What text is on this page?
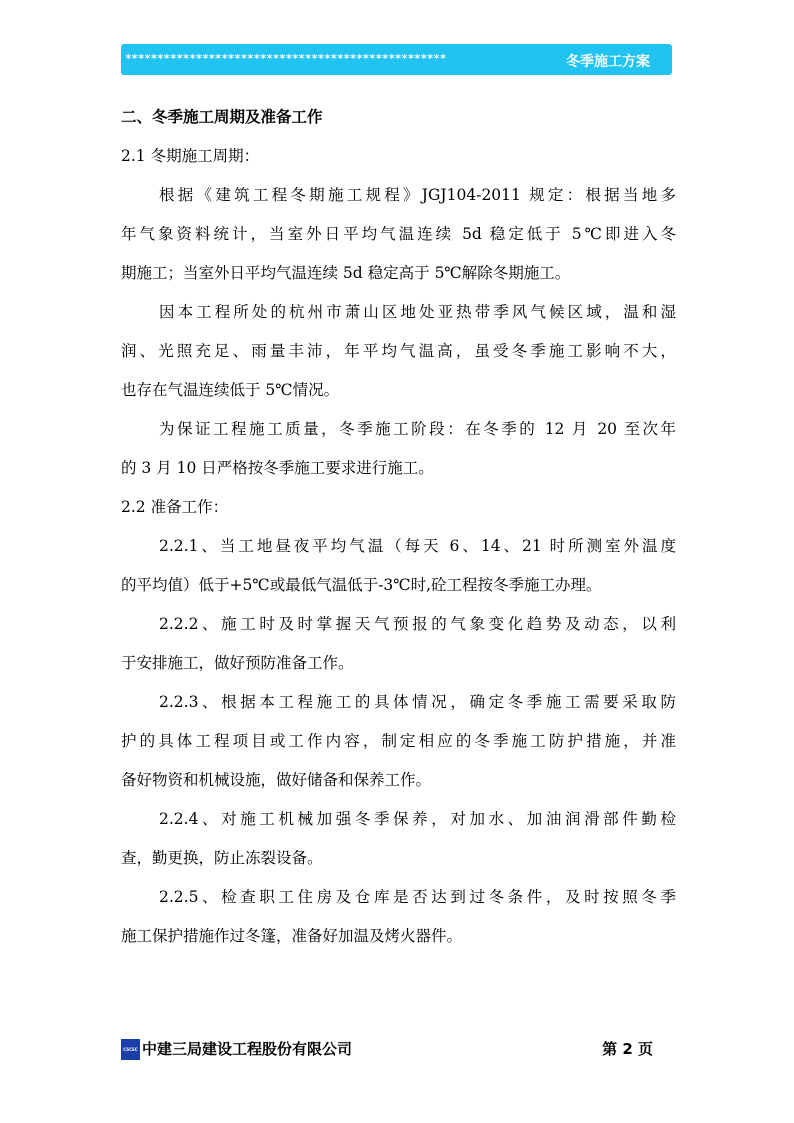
**************************************************	冬季施工方案
二、冬季施工周期及准备工作
2.1 冬期施工周期：
根据《建筑工程冬期施工规程》JGJ104-2011 规定：根据当地多
年气象资料统计，当室外日平均气温连续 5d 稳定低于 5℃即进入冬
期施工；当室外日平均气温连续 5d 稳定高于 5℃解除冬期施工。
因本工程所处的杭州市萧山区地处亚热带季风气候区域，温和湿
润、光照充足、雨量丰沛，年平均气温高，虽受冬季施工影响不大，
也存在气温连续低于 5℃情况。
为保证工程施工质量，冬季施工阶段：在冬季的 12 月 20 至次年
的 3 月 10 日严格按冬季施工要求进行施工。
2.2 准备工作：
2.2.1、当工地昼夜平均气温（每天 6、14、21 时所测室外温度
的平均值）低于+5℃或最低气温低于-3℃时,砼工程按冬季施工办理。
2.2.2、施工时及时掌握天气预报的气象变化趋势及动态，以利
于安排施工，做好预防准备工作。
2.2.3、根据本工程施工的具体情况，确定冬季施工需要采取防
护的具体工程项目或工作内容，制定相应的冬季施工防护措施，并准
备好物资和机械设施，做好储备和保养工作。
2.2.4、对施工机械加强冬季保养，对加水、加油润滑部件勤检
查，勤更换，防止冻裂设备。
2.2.5、检查职工住房及仓库是否达到过冬条件，及时按照冬季
施工保护措施作过冬篷，准备好加温及烤火器件。
CSCEC 中建三局建设工程股份有限公司	第 2 页
